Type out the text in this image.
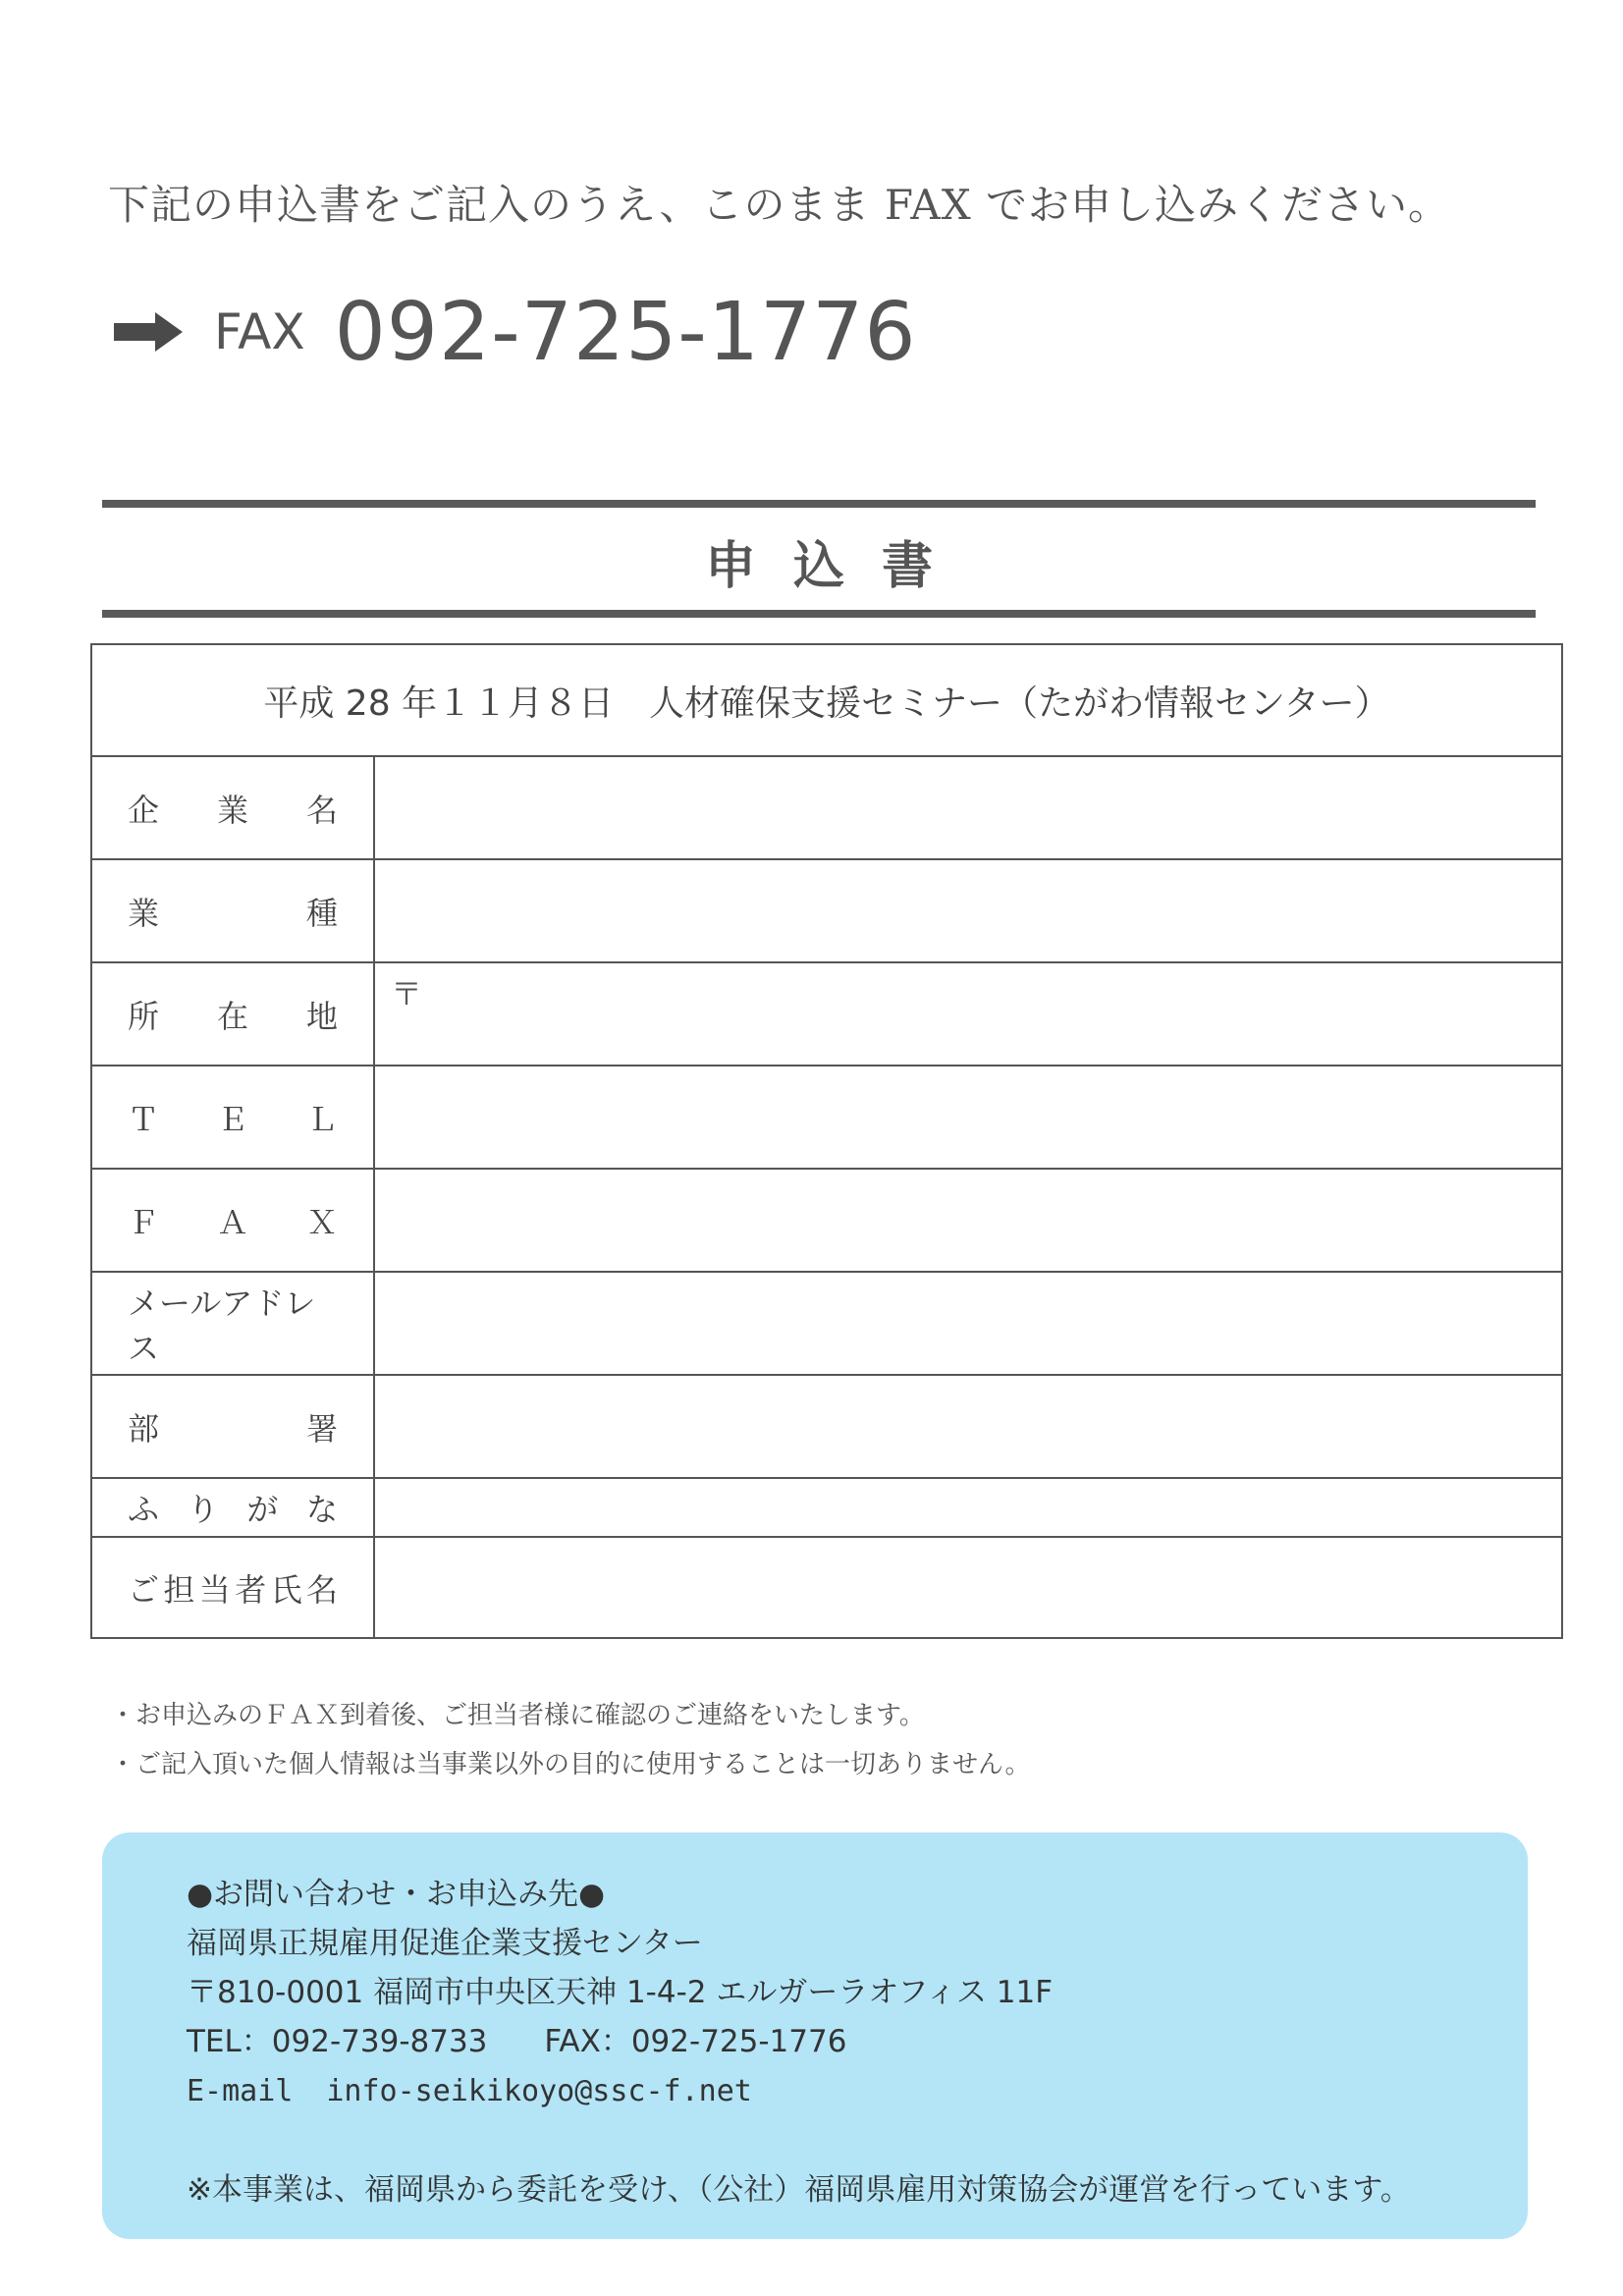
下記の申込書をご記入のうえ、このまま FAX でお申し込みください。
FAX 092-725-1776
申込書
平成 28 年１１月８日　人材確保支援セミナー（たがわ情報センター）
企業名
業種
所在地
〒
ＴＥＬ
ＦＡＸ
メールアドレス
部署
ふりがな
ご担当者氏名
・お申込みのＦＡＸ到着後、ご担当者様に確認のご連絡をいたします。
・ご記入頂いた個人情報は当事業以外の目的に使用することは一切ありません。
●お問い合わせ・お申込み先●
福岡県正規雇用促進企業支援センター
〒810-0001 福岡市中央区天神 1-4-2 エルガーラオフィス 11F
TEL：092-739-8733 FAX：092-725-1776
E-mail info-seikikoyo@ssc-f.net
※本事業は、福岡県から委託を受け、（公社）福岡県雇用対策協会が運営を行っています。
